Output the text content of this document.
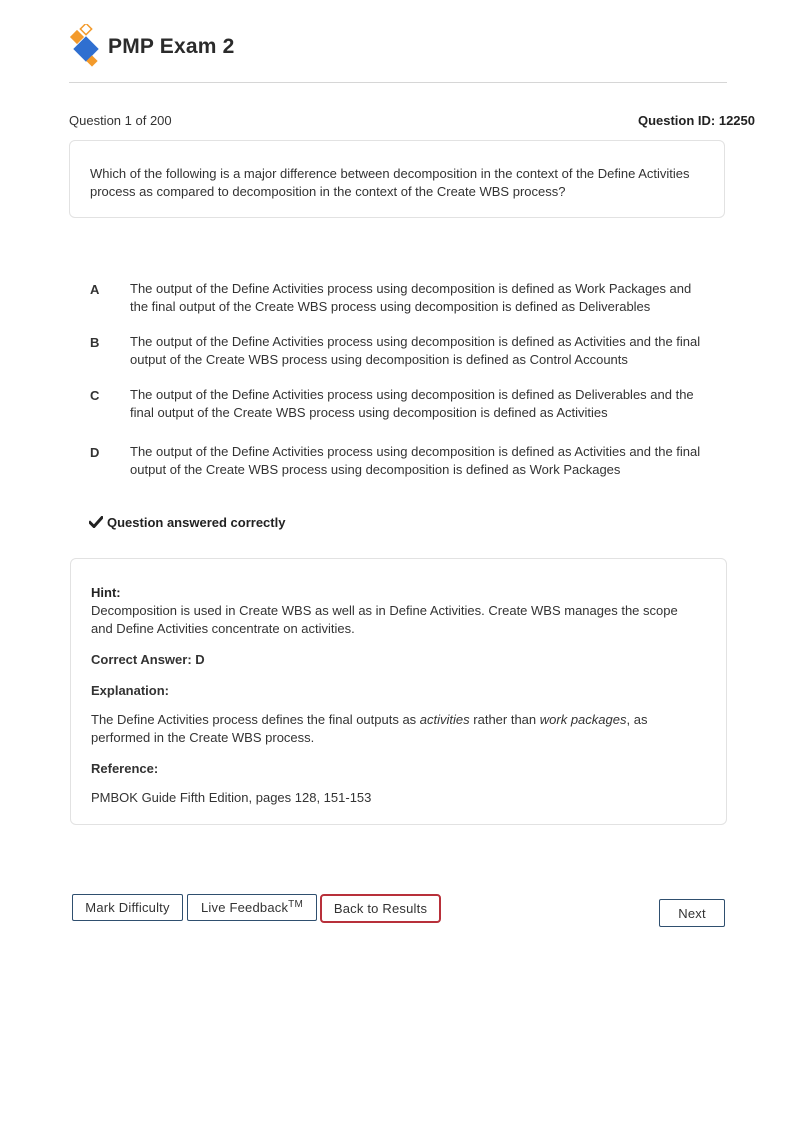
PMP Exam 2
Question 1 of 200	Question ID: 12250
Which of the following is a major difference between decomposition in the context of the Define Activities process as compared to decomposition in the context of the Create WBS process?
A The output of the Define Activities process using decomposition is defined as Work Packages and the final output of the Create WBS process using decomposition is defined as Deliverables
B The output of the Define Activities process using decomposition is defined as Activities and the final output of the Create WBS process using decomposition is defined as Control Accounts
C The output of the Define Activities process using decomposition is defined as Deliverables and the final output of the Create WBS process using decomposition is defined as Activities
D The output of the Define Activities process using decomposition is defined as Activities and the final output of the Create WBS process using decomposition is defined as Work Packages
Question answered correctly
Hint:
Decomposition is used in Create WBS as well as in Define Activities. Create WBS manages the scope and Define Activities concentrate on activities.
Correct Answer: D
Explanation:
The Define Activities process defines the final outputs as activities rather than work packages, as performed in the Create WBS process.
Reference:
PMBOK Guide Fifth Edition, pages 128, 151-153
Mark Difficulty	Live Feedback™	Back to Results	Next
